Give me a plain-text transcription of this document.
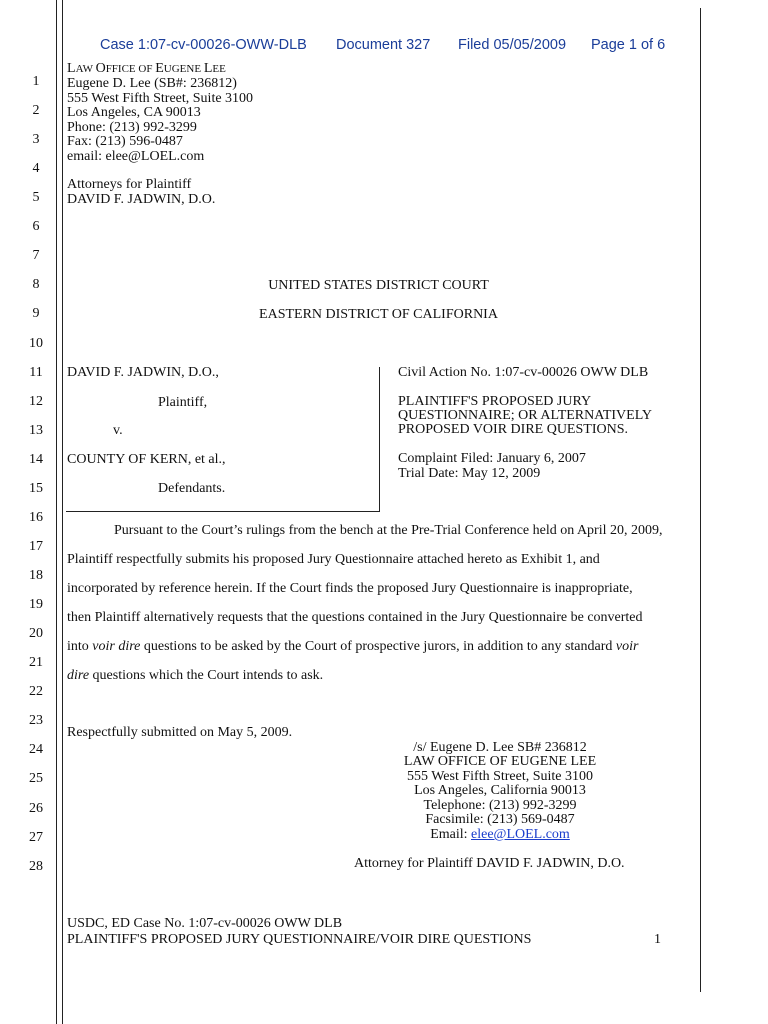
Case 1:07-cv-00026-OWW-DLB Document 327 Filed 05/05/2009 Page 1 of 6
1
2
3
4
5
6
7
8
9
10
11
12
13
14
15
16
17
18
19
20
21
22
23
24
25
26
27
28
LAW OFFICE OF EUGENE LEE
Eugene D. Lee (SB#: 236812)
555 West Fifth Street, Suite 3100
Los Angeles, CA 90013
Phone: (213) 992-3299
Fax: (213) 596-0487
email: elee@LOEL.com
Attorneys for Plaintiff
DAVID F. JADWIN, D.O.
UNITED STATES DISTRICT COURT
EASTERN DISTRICT OF CALIFORNIA
DAVID F. JADWIN, D.O.,
Plaintiff,
v.
COUNTY OF KERN, et al.,
Defendants.
Civil Action No. 1:07-cv-00026 OWW DLB
PLAINTIFF'S PROPOSED JURY
QUESTIONNAIRE; OR ALTERNATIVELY
PROPOSED VOIR DIRE QUESTIONS.
Complaint Filed: January 6, 2007
Trial Date: May 12, 2009
Pursuant to the Court’s rulings from the bench at the Pre-Trial Conference held on April 20, 2009,
Plaintiff respectfully submits his proposed Jury Questionnaire attached hereto as Exhibit 1, and
incorporated by reference herein. If the Court finds the proposed Jury Questionnaire is inappropriate,
then Plaintiff alternatively requests that the questions contained in the Jury Questionnaire be converted
into voir dire questions to be asked by the Court of prospective jurors, in addition to any standard voir
dire questions which the Court intends to ask.
Respectfully submitted on May 5, 2009.
/s/ Eugene D. Lee SB# 236812
LAW OFFICE OF EUGENE LEE
555 West Fifth Street, Suite 3100
Los Angeles, California 90013
Telephone: (213) 992-3299
Facsimile: (213) 569-0487
Email: elee@LOEL.com
Attorney for Plaintiff DAVID F. JADWIN, D.O.
USDC, ED Case No. 1:07-cv-00026 OWW DLB
PLAINTIFF'S PROPOSED JURY QUESTIONNAIRE/VOIR DIRE QUESTIONS	1
